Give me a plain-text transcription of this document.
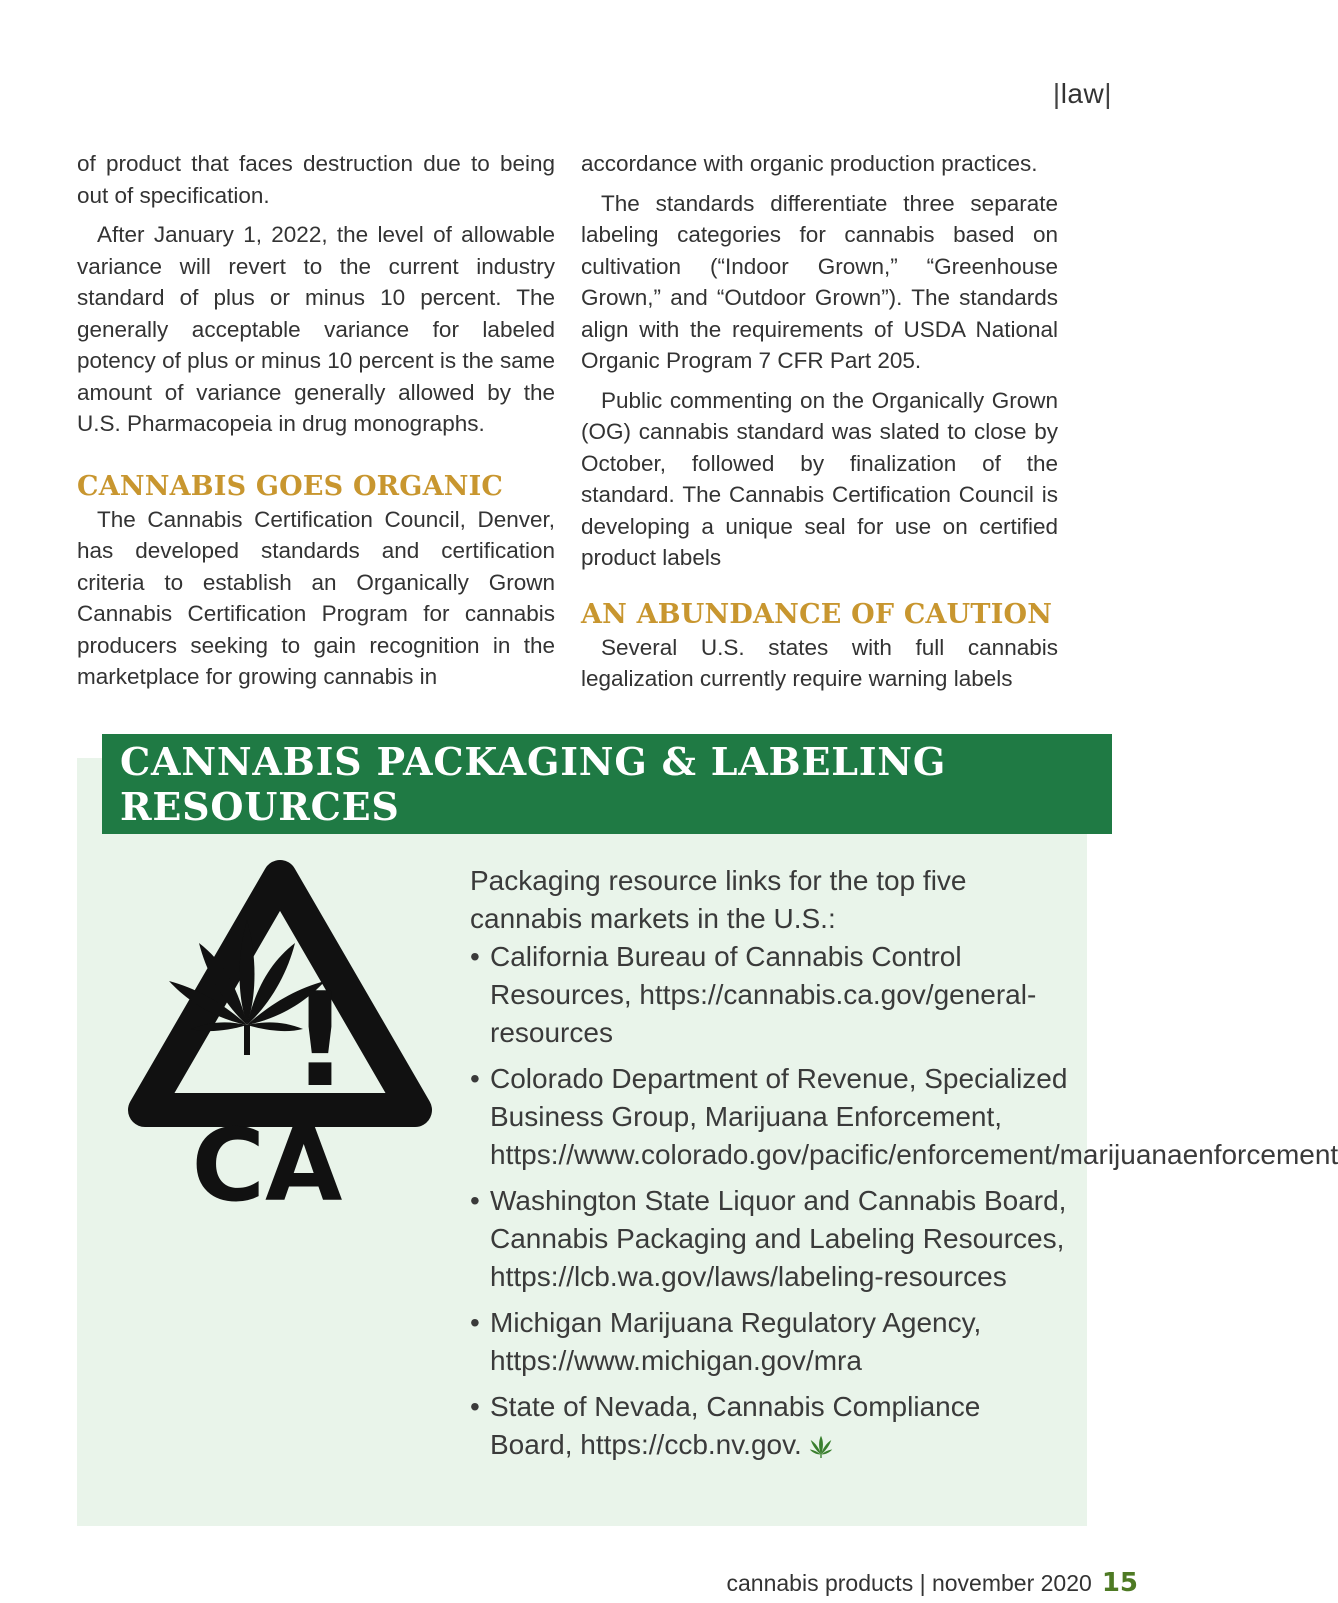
|law|

of product that faces destruction due to being out of specification.

After January 1, 2022, the level of allowable variance will revert to the current industry standard of plus or minus 10 percent. The generally acceptable variance for labeled potency of plus or minus 10 percent is the same amount of variance generally allowed by the U.S. Pharmacopeia in drug monographs.

CANNABIS GOES ORGANIC

The Cannabis Certification Council, Denver, has developed standards and certification criteria to establish an Organically Grown Cannabis Certification Program for cannabis producers seeking to gain recognition in the marketplace for growing cannabis in

accordance with organic production practices.

The standards differentiate three separate labeling categories for cannabis based on cultivation (“Indoor Grown,” “Greenhouse Grown,” and “Outdoor Grown”). The standards align with the requirements of USDA National Organic Program 7 CFR Part 205.

Public commenting on the Organically Grown (OG) cannabis standard was slated to close by October, followed by finalization of the standard. The Cannabis Certification Council is developing a unique seal for use on certified product labels

AN ABUNDANCE OF CAUTION

Several U.S. states with full cannabis legalization currently require warning labels

CANNABIS PACKAGING & LABELING RESOURCES
!
CA

Packaging resource links for the top five cannabis markets in the U.S.:

• California Bureau of Cannabis Control Resources, https://cannabis.ca.gov/general-resources
• Colorado Department of Revenue, Specialized Business Group, Marijuana Enforcement, https://www.colorado.gov/pacific/enforcement/marijuanaenforcement
• Washington State Liquor and Cannabis Board, Cannabis Packaging and Labeling Resources, https://lcb.wa.gov/laws/labeling-resources
• Michigan Marijuana Regulatory Agency, https://www.michigan.gov/mra
• State of Nevada, Cannabis Compliance Board, https://ccb.nv.gov.
cannabis products
|
november 2020 15
